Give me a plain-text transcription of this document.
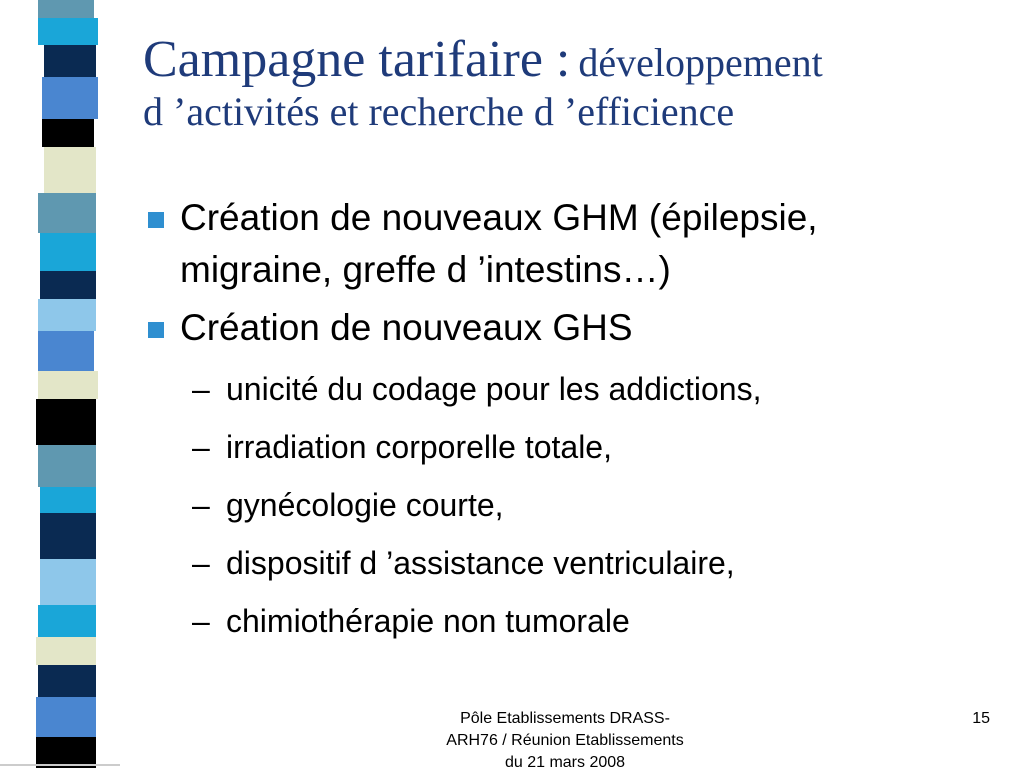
Campagne tarifaire : développement
d ’activités et recherche d ’efficience
Création de nouveaux GHM (épilepsie,
migraine, greffe d ’intestins…)
Création de nouveaux GHS
– unicité du codage pour les addictions,
– irradiation corporelle totale,
– gynécologie courte,
– dispositif d ’assistance ventriculaire,
– chimiothérapie non tumorale
Pôle Etablissements DRASS-
ARH76 / Réunion Etablissements
du 21 mars 2008
15
